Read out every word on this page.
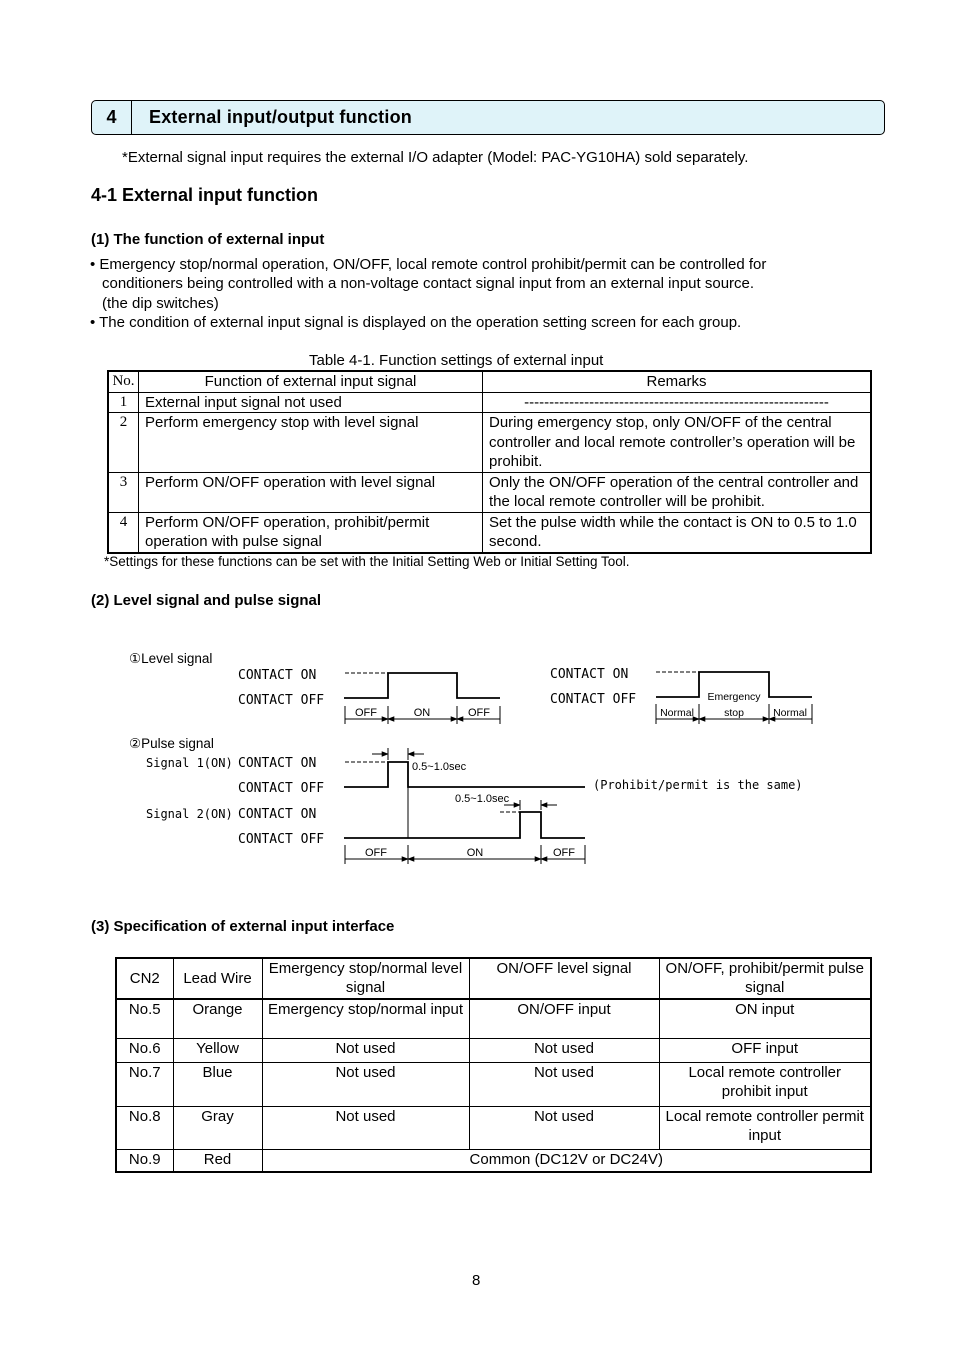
4	External input/output function
*External signal input requires the external I/O adapter (Model: PAC-YG10HA) sold separately.
4-1 External input function
(1) The function of external input
• Emergency stop/normal operation, ON/OFF, local remote control prohibit/permit can be controlled for
conditioners being controlled with a non-voltage contact signal input from an external input source.
(the dip switches)
• The condition of external input signal is displayed on the operation setting screen for each group.
Table 4-1. Function settings of external input
No.	Function of external input signal	Remarks
1	External input signal not used	-------------------------------------------------------------
2	Perform emergency stop with level signal	During emergency stop, only ON/OFF of the central controller and local remote controller’s operation will be prohibit.
3	Perform ON/OFF operation with level signal	Only the ON/OFF operation of the central controller and the local remote controller will be prohibit.
4	Perform ON/OFF operation, prohibit/permit operation with pulse signal	Set the pulse width while the contact is ON to 0.5 to 1.0 second.
*Settings for these functions can be set with the Initial Setting Web or Initial Setting Tool.
(2) Level signal and pulse signal
①Level signal
②Pulse signal
CONTACT ON
CONTACT OFF
OFF	ON	OFF
CONTACT ON
CONTACT OFF
Normal
Emergency
stop	Normal
Signal 1(ON) CONTACT ON
CONTACT OFF
Signal 2(ON) CONTACT ON
CONTACT OFF
0.5~1.0sec
(Prohibit/permit is the same)
0.5~1.0sec
OFF	ON	OFF
(3) Specification of external input interface
CN2	Lead Wire	Emergency stop/normal level signal	ON/OFF level signal	ON/OFF, prohibit/permit pulse signal
No.5	Orange	Emergency stop/normal input	ON/OFF input	ON input
No.6	Yellow	Not used	Not used	OFF input
No.7	Blue	Not used	Not used	Local remote controller prohibit input
No.8	Gray	Not used	Not used	Local remote controller permit input
No.9	Red	Common (DC12V or DC24V)		
8
